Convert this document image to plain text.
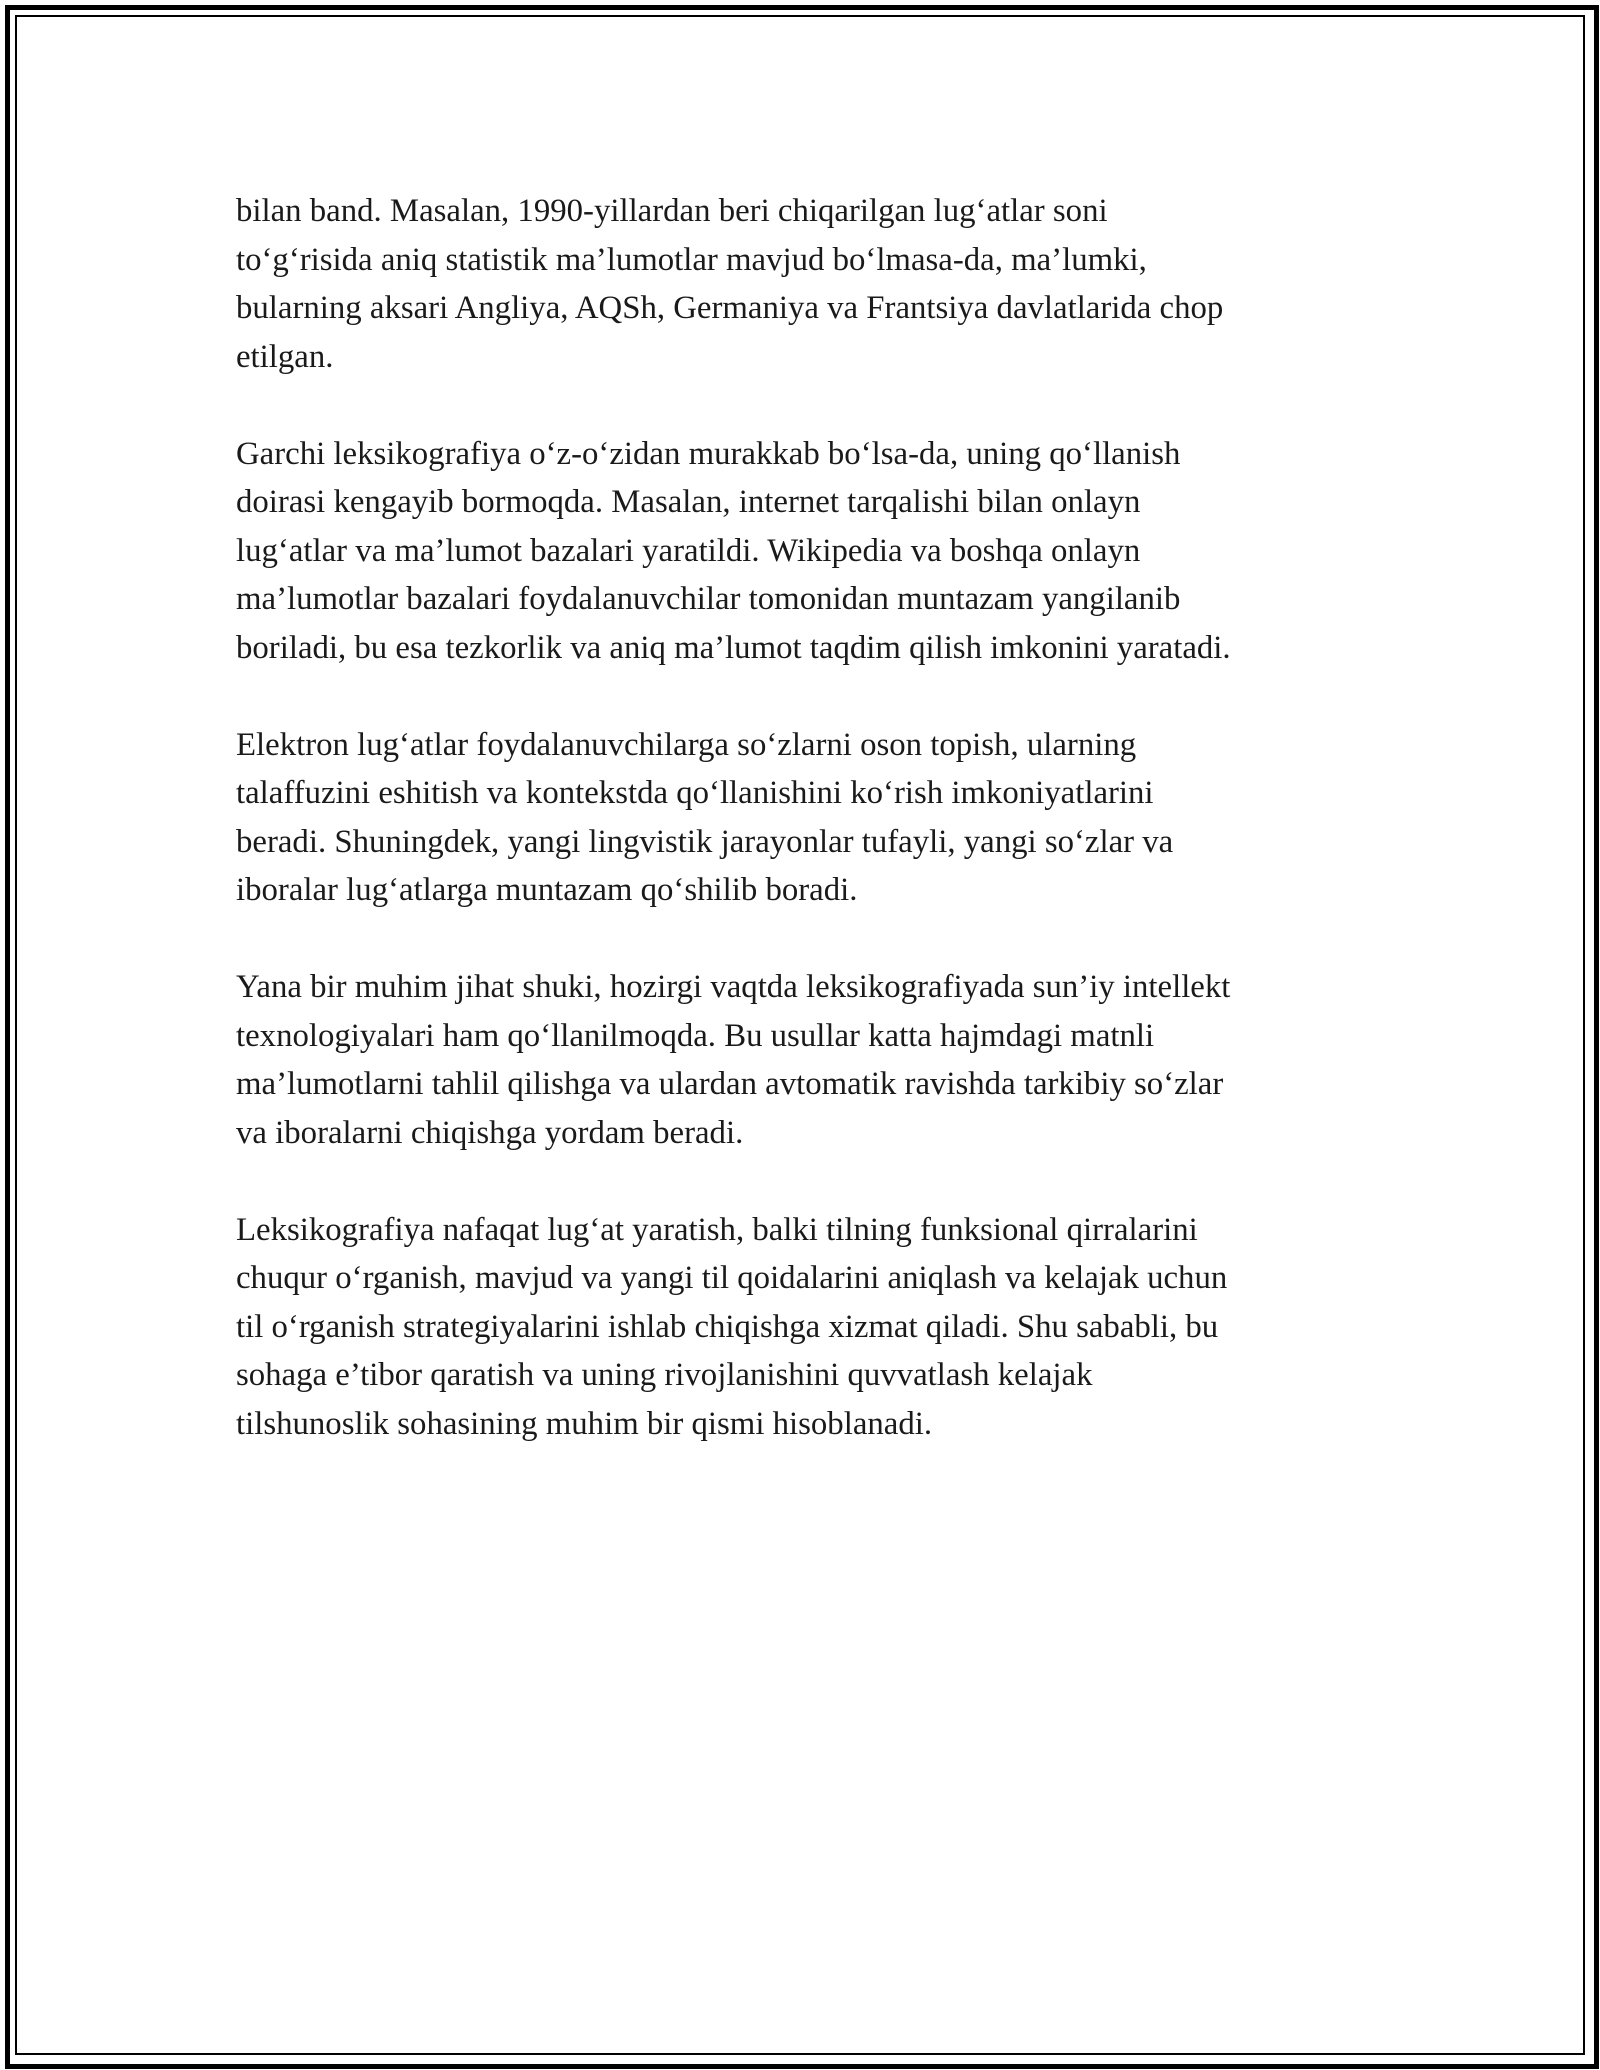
bilan band. Masalan, 1990-yillardan beri chiqarilgan lug‘atlar soni
to‘g‘risida aniq statistik ma’lumotlar mavjud bo‘lmasa-da, ma’lumki,
bularning aksari Angliya, AQSh, Germaniya va Frantsiya davlatlarida chop
etilgan.

Garchi leksikografiya o‘z-o‘zidan murakkab bo‘lsa-da, uning qo‘llanish
doirasi kengayib bormoqda. Masalan, internet tarqalishi bilan onlayn
lug‘atlar va ma’lumot bazalari yaratildi. Wikipedia va boshqa onlayn
ma’lumotlar bazalari foydalanuvchilar tomonidan muntazam yangilanib
boriladi, bu esa tezkorlik va aniq ma’lumot taqdim qilish imkonini yaratadi.

Elektron lug‘atlar foydalanuvchilarga so‘zlarni oson topish, ularning
talaffuzini eshitish va kontekstda qo‘llanishini ko‘rish imkoniyatlarini
beradi. Shuningdek, yangi lingvistik jarayonlar tufayli, yangi so‘zlar va
iboralar lug‘atlarga muntazam qo‘shilib boradi.

Yana bir muhim jihat shuki, hozirgi vaqtda leksikografiyada sun’iy intellekt
texnologiyalari ham qo‘llanilmoqda. Bu usullar katta hajmdagi matnli
ma’lumotlarni tahlil qilishga va ulardan avtomatik ravishda tarkibiy so‘zlar
va iboralarni chiqishga yordam beradi.

Leksikografiya nafaqat lug‘at yaratish, balki tilning funksional qirralarini
chuqur o‘rganish, mavjud va yangi til qoidalarini aniqlash va kelajak uchun
til o‘rganish strategiyalarini ishlab chiqishga xizmat qiladi. Shu sababli, bu
sohaga e’tibor qaratish va uning rivojlanishini quvvatlash kelajak
tilshunoslik sohasining muhim bir qismi hisoblanadi.
